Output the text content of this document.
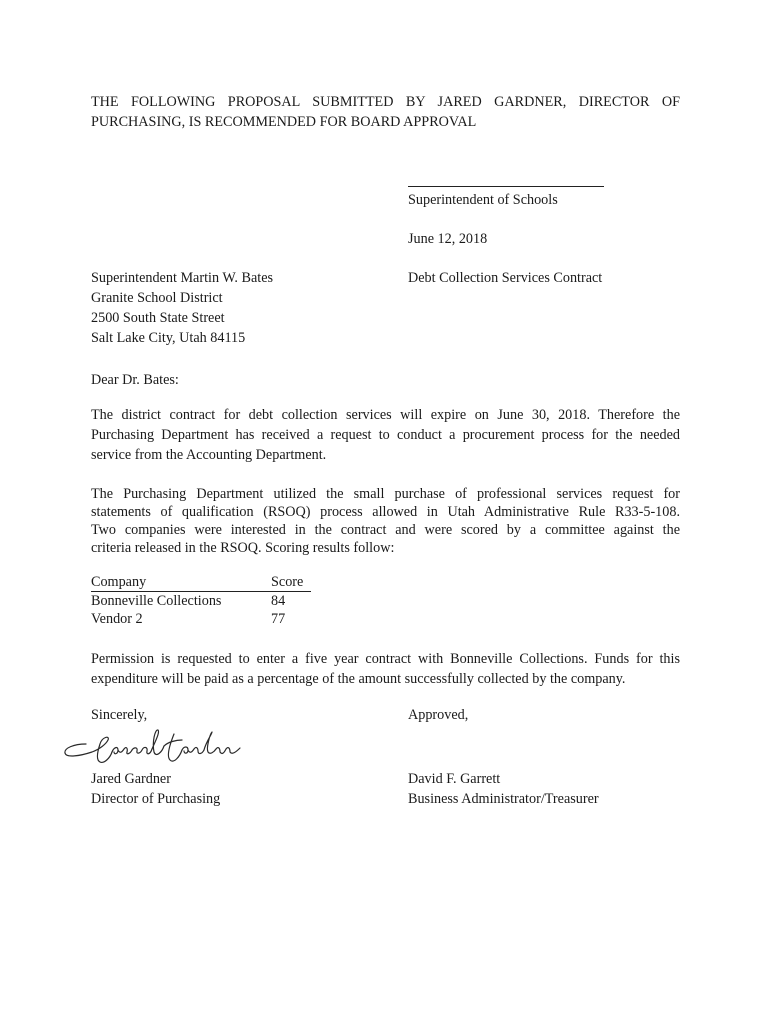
THE FOLLOWING PROPOSAL SUBMITTED BY JARED GARDNER, DIRECTOR OF
PURCHASING, IS RECOMMENDED FOR BOARD APPROVAL
Superintendent of Schools
June 12, 2018
Debt Collection Services Contract
Superintendent Martin W. Bates
Granite School District
2500 South State Street
Salt Lake City, Utah 84115
Dear Dr. Bates:
The district contract for debt collection services will expire on June 30, 2018. Therefore the
Purchasing Department has received a request to conduct a procurement process for the needed
service from the Accounting Department.
The Purchasing Department utilized the small purchase of professional services request for
statements of qualification (RSOQ) process allowed in Utah Administrative Rule R33-5-108.
Two companies were interested in the contract and were scored by a committee against the
criteria released in the RSOQ. Scoring results follow:
Company	Score
Bonneville Collections	84
Vendor 2	77
Permission is requested to enter a five year contract with Bonneville Collections. Funds for this
expenditure will be paid as a percentage of the amount successfully collected by the company.
Sincerely,	Approved,
Jared Gardner
Jared Gardner
Director of Purchasing
David F. Garrett
Business Administrator/Treasurer
